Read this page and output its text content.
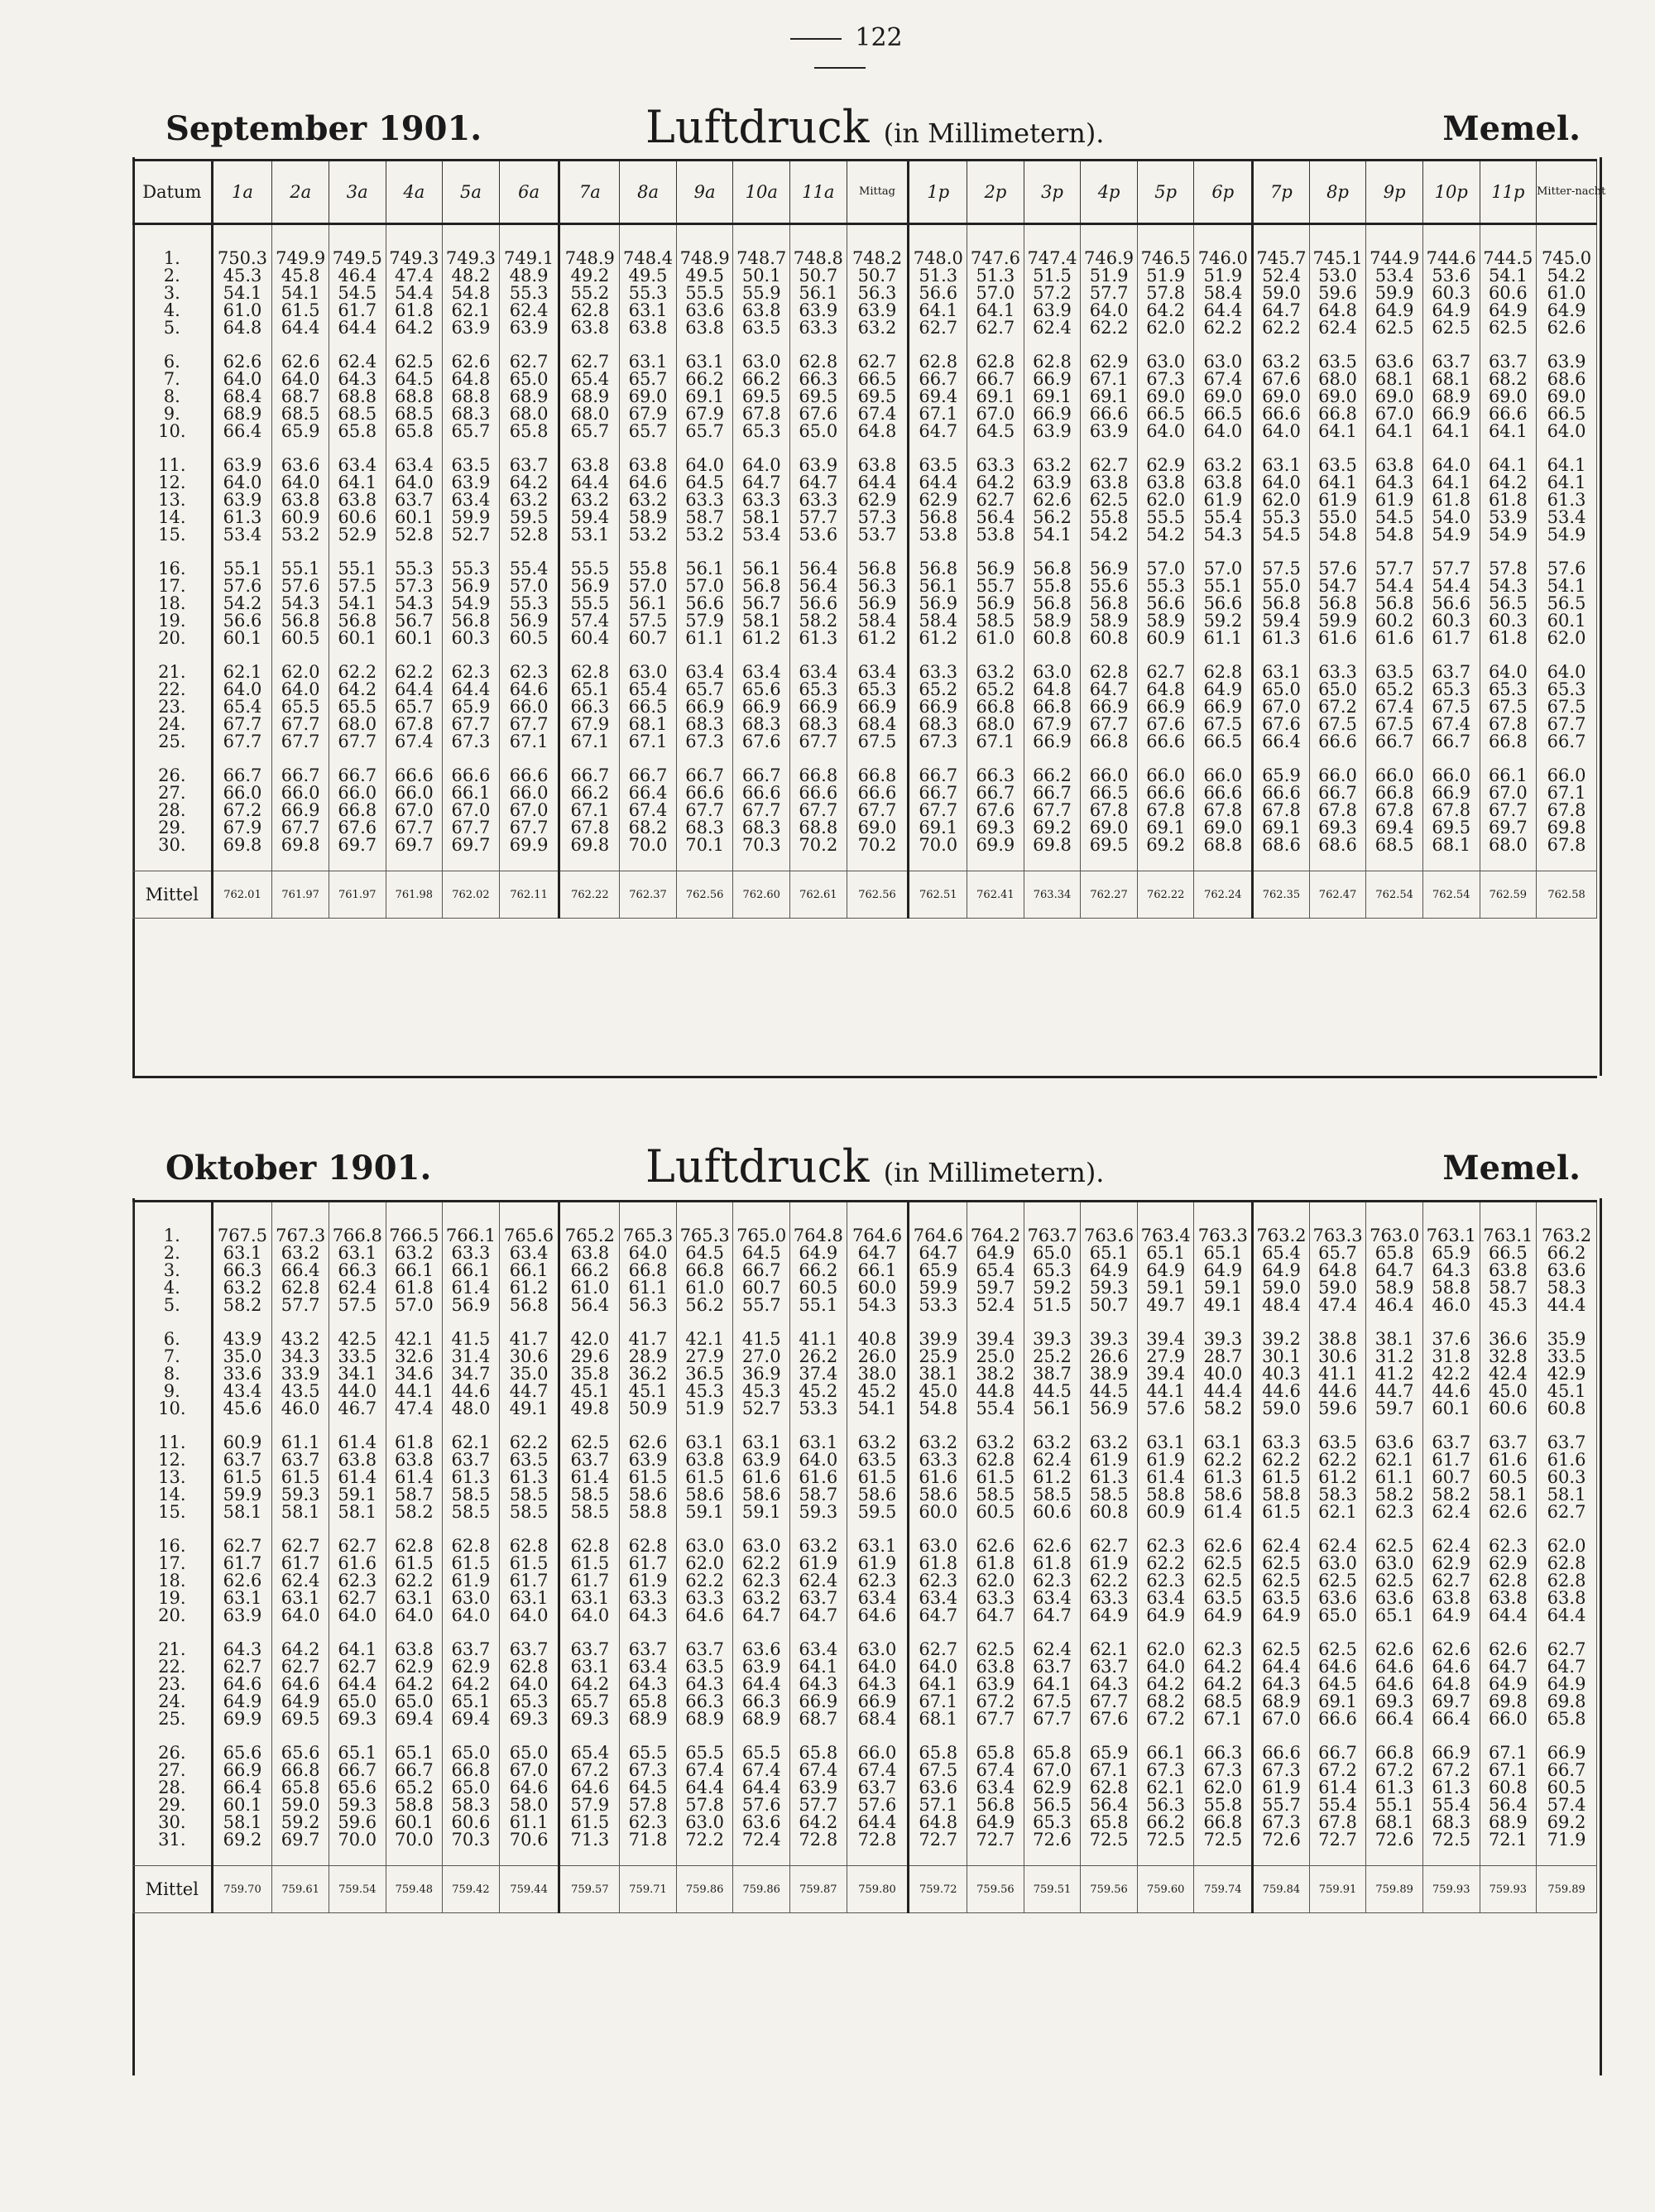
122
September 1901.	Luftdruck (in Millimetern).	Memel.
Datum	1a	2a	3a	4a	5a	6a	7a	8a	9a	10a	11a	Mittag	1p	2p	3p	4p	5p	6p	7p	8p	9p	10p	11p	Mitter-nacht

1.	750.3	749.9	749.5	749.3	749.3	749.1	748.9	748.4	748.9	748.7	748.8	748.2	748.0	747.6	747.4	746.9	746.5	746.0	745.7	745.1	744.9	744.6	744.5	745.0
2.	45.3	45.8	46.4	47.4	48.2	48.9	49.2	49.5	49.5	50.1	50.7	50.7	51.3	51.3	51.5	51.9	51.9	51.9	52.4	53.0	53.4	53.6	54.1	54.2
3.	54.1	54.1	54.5	54.4	54.8	55.3	55.2	55.3	55.5	55.9	56.1	56.3	56.6	57.0	57.2	57.7	57.8	58.4	59.0	59.6	59.9	60.3	60.6	61.0
4.	61.0	61.5	61.7	61.8	62.1	62.4	62.8	63.1	63.6	63.8	63.9	63.9	64.1	64.1	63.9	64.0	64.2	64.4	64.7	64.8	64.9	64.9	64.9	64.9
5.	64.8	64.4	64.4	64.2	63.9	63.9	63.8	63.8	63.8	63.5	63.3	63.2	62.7	62.7	62.4	62.2	62.0	62.2	62.2	62.4	62.5	62.5	62.5	62.6

6.	62.6	62.6	62.4	62.5	62.6	62.7	62.7	63.1	63.1	63.0	62.8	62.7	62.8	62.8	62.8	62.9	63.0	63.0	63.2	63.5	63.6	63.7	63.7	63.9
7.	64.0	64.0	64.3	64.5	64.8	65.0	65.4	65.7	66.2	66.2	66.3	66.5	66.7	66.7	66.9	67.1	67.3	67.4	67.6	68.0	68.1	68.1	68.2	68.6
8.	68.4	68.7	68.8	68.8	68.8	68.9	68.9	69.0	69.1	69.5	69.5	69.5	69.4	69.1	69.1	69.1	69.0	69.0	69.0	69.0	69.0	68.9	69.0	69.0
9.	68.9	68.5	68.5	68.5	68.3	68.0	68.0	67.9	67.9	67.8	67.6	67.4	67.1	67.0	66.9	66.6	66.5	66.5	66.6	66.8	67.0	66.9	66.6	66.5
10.	66.4	65.9	65.8	65.8	65.7	65.8	65.7	65.7	65.7	65.3	65.0	64.8	64.7	64.5	63.9	63.9	64.0	64.0	64.0	64.1	64.1	64.1	64.1	64.0

11.	63.9	63.6	63.4	63.4	63.5	63.7	63.8	63.8	64.0	64.0	63.9	63.8	63.5	63.3	63.2	62.7	62.9	63.2	63.1	63.5	63.8	64.0	64.1	64.1
12.	64.0	64.0	64.1	64.0	63.9	64.2	64.4	64.6	64.5	64.7	64.7	64.4	64.4	64.2	63.9	63.8	63.8	63.8	64.0	64.1	64.3	64.1	64.2	64.1
13.	63.9	63.8	63.8	63.7	63.4	63.2	63.2	63.2	63.3	63.3	63.3	62.9	62.9	62.7	62.6	62.5	62.0	61.9	62.0	61.9	61.9	61.8	61.8	61.3
14.	61.3	60.9	60.6	60.1	59.9	59.5	59.4	58.9	58.7	58.1	57.7	57.3	56.8	56.4	56.2	55.8	55.5	55.4	55.3	55.0	54.5	54.0	53.9	53.4
15.	53.4	53.2	52.9	52.8	52.7	52.8	53.1	53.2	53.2	53.4	53.6	53.7	53.8	53.8	54.1	54.2	54.2	54.3	54.5	54.8	54.8	54.9	54.9	54.9

16.	55.1	55.1	55.1	55.3	55.3	55.4	55.5	55.8	56.1	56.1	56.4	56.8	56.8	56.9	56.8	56.9	57.0	57.0	57.5	57.6	57.7	57.7	57.8	57.6
17.	57.6	57.6	57.5	57.3	56.9	57.0	56.9	57.0	57.0	56.8	56.4	56.3	56.1	55.7	55.8	55.6	55.3	55.1	55.0	54.7	54.4	54.4	54.3	54.1
18.	54.2	54.3	54.1	54.3	54.9	55.3	55.5	56.1	56.6	56.7	56.6	56.9	56.9	56.9	56.8	56.8	56.6	56.6	56.8	56.8	56.8	56.6	56.5	56.5
19.	56.6	56.8	56.8	56.7	56.8	56.9	57.4	57.5	57.9	58.1	58.2	58.4	58.4	58.5	58.9	58.9	58.9	59.2	59.4	59.9	60.2	60.3	60.3	60.1
20.	60.1	60.5	60.1	60.1	60.3	60.5	60.4	60.7	61.1	61.2	61.3	61.2	61.2	61.0	60.8	60.8	60.9	61.1	61.3	61.6	61.6	61.7	61.8	62.0

21.	62.1	62.0	62.2	62.2	62.3	62.3	62.8	63.0	63.4	63.4	63.4	63.4	63.3	63.2	63.0	62.8	62.7	62.8	63.1	63.3	63.5	63.7	64.0	64.0
22.	64.0	64.0	64.2	64.4	64.4	64.6	65.1	65.4	65.7	65.6	65.3	65.3	65.2	65.2	64.8	64.7	64.8	64.9	65.0	65.0	65.2	65.3	65.3	65.3
23.	65.4	65.5	65.5	65.7	65.9	66.0	66.3	66.5	66.9	66.9	66.9	66.9	66.9	66.8	66.8	66.9	66.9	66.9	67.0	67.2	67.4	67.5	67.5	67.5
24.	67.7	67.7	68.0	67.8	67.7	67.7	67.9	68.1	68.3	68.3	68.3	68.4	68.3	68.0	67.9	67.7	67.6	67.5	67.6	67.5	67.5	67.4	67.8	67.7
25.	67.7	67.7	67.7	67.4	67.3	67.1	67.1	67.1	67.3	67.6	67.7	67.5	67.3	67.1	66.9	66.8	66.6	66.5	66.4	66.6	66.7	66.7	66.8	66.7

26.	66.7	66.7	66.7	66.6	66.6	66.6	66.7	66.7	66.7	66.7	66.8	66.8	66.7	66.3	66.2	66.0	66.0	66.0	65.9	66.0	66.0	66.0	66.1	66.0
27.	66.0	66.0	66.0	66.0	66.1	66.0	66.2	66.4	66.6	66.6	66.6	66.6	66.7	66.7	66.7	66.5	66.6	66.6	66.6	66.7	66.8	66.9	67.0	67.1
28.	67.2	66.9	66.8	67.0	67.0	67.0	67.1	67.4	67.7	67.7	67.7	67.7	67.7	67.6	67.7	67.8	67.8	67.8	67.8	67.8	67.8	67.8	67.7	67.8
29.	67.9	67.7	67.6	67.7	67.7	67.7	67.8	68.2	68.3	68.3	68.8	69.0	69.1	69.3	69.2	69.0	69.1	69.0	69.1	69.3	69.4	69.5	69.7	69.8
30.	69.8	69.8	69.7	69.7	69.7	69.9	69.8	70.0	70.1	70.3	70.2	70.2	70.0	69.9	69.8	69.5	69.2	68.8	68.6	68.6	68.5	68.1	68.0	67.8

Mittel	762.01	761.97	761.97	761.98	762.02	762.11	762.22	762.37	762.56	762.60	762.61	762.56	762.51	762.41	763.34	762.27	762.22	762.24	762.35	762.47	762.54	762.54	762.59	762.58
Oktober 1901.	Luftdruck (in Millimetern).	Memel.

1.	767.5	767.3	766.8	766.5	766.1	765.6	765.2	765.3	765.3	765.0	764.8	764.6	764.6	764.2	763.7	763.6	763.4	763.3	763.2	763.3	763.0	763.1	763.1	763.2
2.	63.1	63.2	63.1	63.2	63.3	63.4	63.8	64.0	64.5	64.5	64.9	64.7	64.7	64.9	65.0	65.1	65.1	65.1	65.4	65.7	65.8	65.9	66.5	66.2
3.	66.3	66.4	66.3	66.1	66.1	66.1	66.2	66.8	66.8	66.7	66.2	66.1	65.9	65.4	65.3	64.9	64.9	64.9	64.9	64.8	64.7	64.3	63.8	63.6
4.	63.2	62.8	62.4	61.8	61.4	61.2	61.0	61.1	61.0	60.7	60.5	60.0	59.9	59.7	59.2	59.3	59.1	59.1	59.0	59.0	58.9	58.8	58.7	58.3
5.	58.2	57.7	57.5	57.0	56.9	56.8	56.4	56.3	56.2	55.7	55.1	54.3	53.3	52.4	51.5	50.7	49.7	49.1	48.4	47.4	46.4	46.0	45.3	44.4

6.	43.9	43.2	42.5	42.1	41.5	41.7	42.0	41.7	42.1	41.5	41.1	40.8	39.9	39.4	39.3	39.3	39.4	39.3	39.2	38.8	38.1	37.6	36.6	35.9
7.	35.0	34.3	33.5	32.6	31.4	30.6	29.6	28.9	27.9	27.0	26.2	26.0	25.9	25.0	25.2	26.6	27.9	28.7	30.1	30.6	31.2	31.8	32.8	33.5
8.	33.6	33.9	34.1	34.6	34.7	35.0	35.8	36.2	36.5	36.9	37.4	38.0	38.1	38.2	38.7	38.9	39.4	40.0	40.3	41.1	41.2	42.2	42.4	42.9
9.	43.4	43.5	44.0	44.1	44.6	44.7	45.1	45.1	45.3	45.3	45.2	45.2	45.0	44.8	44.5	44.5	44.1	44.4	44.6	44.6	44.7	44.6	45.0	45.1
10.	45.6	46.0	46.7	47.4	48.0	49.1	49.8	50.9	51.9	52.7	53.3	54.1	54.8	55.4	56.1	56.9	57.6	58.2	59.0	59.6	59.7	60.1	60.6	60.8

11.	60.9	61.1	61.4	61.8	62.1	62.2	62.5	62.6	63.1	63.1	63.1	63.2	63.2	63.2	63.2	63.2	63.1	63.1	63.3	63.5	63.6	63.7	63.7	63.7
12.	63.7	63.7	63.8	63.8	63.7	63.5	63.7	63.9	63.8	63.9	64.0	63.5	63.3	62.8	62.4	61.9	61.9	62.2	62.2	62.2	62.1	61.7	61.6	61.6
13.	61.5	61.5	61.4	61.4	61.3	61.3	61.4	61.5	61.5	61.6	61.6	61.5	61.6	61.5	61.2	61.3	61.4	61.3	61.5	61.2	61.1	60.7	60.5	60.3
14.	59.9	59.3	59.1	58.7	58.5	58.5	58.5	58.6	58.6	58.6	58.7	58.6	58.6	58.5	58.5	58.5	58.8	58.6	58.8	58.3	58.2	58.2	58.1	58.1
15.	58.1	58.1	58.1	58.2	58.5	58.5	58.5	58.8	59.1	59.1	59.3	59.5	60.0	60.5	60.6	60.8	60.9	61.4	61.5	62.1	62.3	62.4	62.6	62.7

16.	62.7	62.7	62.7	62.8	62.8	62.8	62.8	62.8	63.0	63.0	63.2	63.1	63.0	62.6	62.6	62.7	62.3	62.6	62.4	62.4	62.5	62.4	62.3	62.0
17.	61.7	61.7	61.6	61.5	61.5	61.5	61.5	61.7	62.0	62.2	61.9	61.9	61.8	61.8	61.8	61.9	62.2	62.5	62.5	63.0	63.0	62.9	62.9	62.8
18.	62.6	62.4	62.3	62.2	61.9	61.7	61.7	61.9	62.2	62.3	62.4	62.3	62.3	62.0	62.3	62.2	62.3	62.5	62.5	62.5	62.5	62.7	62.8	62.8
19.	63.1	63.1	62.7	63.1	63.0	63.1	63.1	63.3	63.3	63.2	63.7	63.4	63.4	63.3	63.4	63.3	63.4	63.5	63.5	63.6	63.6	63.8	63.8	63.8
20.	63.9	64.0	64.0	64.0	64.0	64.0	64.0	64.3	64.6	64.7	64.7	64.6	64.7	64.7	64.7	64.9	64.9	64.9	64.9	65.0	65.1	64.9	64.4	64.4

21.	64.3	64.2	64.1	63.8	63.7	63.7	63.7	63.7	63.7	63.6	63.4	63.0	62.7	62.5	62.4	62.1	62.0	62.3	62.5	62.5	62.6	62.6	62.6	62.7
22.	62.7	62.7	62.7	62.9	62.9	62.8	63.1	63.4	63.5	63.9	64.1	64.0	64.0	63.8	63.7	63.7	64.0	64.2	64.4	64.6	64.6	64.6	64.7	64.7
23.	64.6	64.6	64.4	64.2	64.2	64.0	64.2	64.3	64.3	64.4	64.3	64.3	64.1	63.9	64.1	64.3	64.2	64.2	64.3	64.5	64.6	64.8	64.9	64.9
24.	64.9	64.9	65.0	65.0	65.1	65.3	65.7	65.8	66.3	66.3	66.9	66.9	67.1	67.2	67.5	67.7	68.2	68.5	68.9	69.1	69.3	69.7	69.8	69.8
25.	69.9	69.5	69.3	69.4	69.4	69.3	69.3	68.9	68.9	68.9	68.7	68.4	68.1	67.7	67.7	67.6	67.2	67.1	67.0	66.6	66.4	66.4	66.0	65.8

26.	65.6	65.6	65.1	65.1	65.0	65.0	65.4	65.5	65.5	65.5	65.8	66.0	65.8	65.8	65.8	65.9	66.1	66.3	66.6	66.7	66.8	66.9	67.1	66.9
27.	66.9	66.8	66.7	66.7	66.8	67.0	67.2	67.3	67.4	67.4	67.4	67.4	67.5	67.4	67.0	67.1	67.3	67.3	67.3	67.2	67.2	67.2	67.1	66.7
28.	66.4	65.8	65.6	65.2	65.0	64.6	64.6	64.5	64.4	64.4	63.9	63.7	63.6	63.4	62.9	62.8	62.1	62.0	61.9	61.4	61.3	61.3	60.8	60.5
29.	60.1	59.0	59.3	58.8	58.3	58.0	57.9	57.8	57.8	57.6	57.7	57.6	57.1	56.8	56.5	56.4	56.3	55.8	55.7	55.4	55.1	55.4	56.4	57.4
30.	58.1	59.2	59.6	60.1	60.6	61.1	61.5	62.3	63.0	63.6	64.2	64.4	64.8	64.9	65.3	65.8	66.2	66.8	67.3	67.8	68.1	68.3	68.9	69.2
31.	69.2	69.7	70.0	70.0	70.3	70.6	71.3	71.8	72.2	72.4	72.8	72.8	72.7	72.7	72.6	72.5	72.5	72.5	72.6	72.7	72.6	72.5	72.1	71.9

Mittel	759.70	759.61	759.54	759.48	759.42	759.44	759.57	759.71	759.86	759.86	759.87	759.80	759.72	759.56	759.51	759.56	759.60	759.74	759.84	759.91	759.89	759.93	759.93	759.89
